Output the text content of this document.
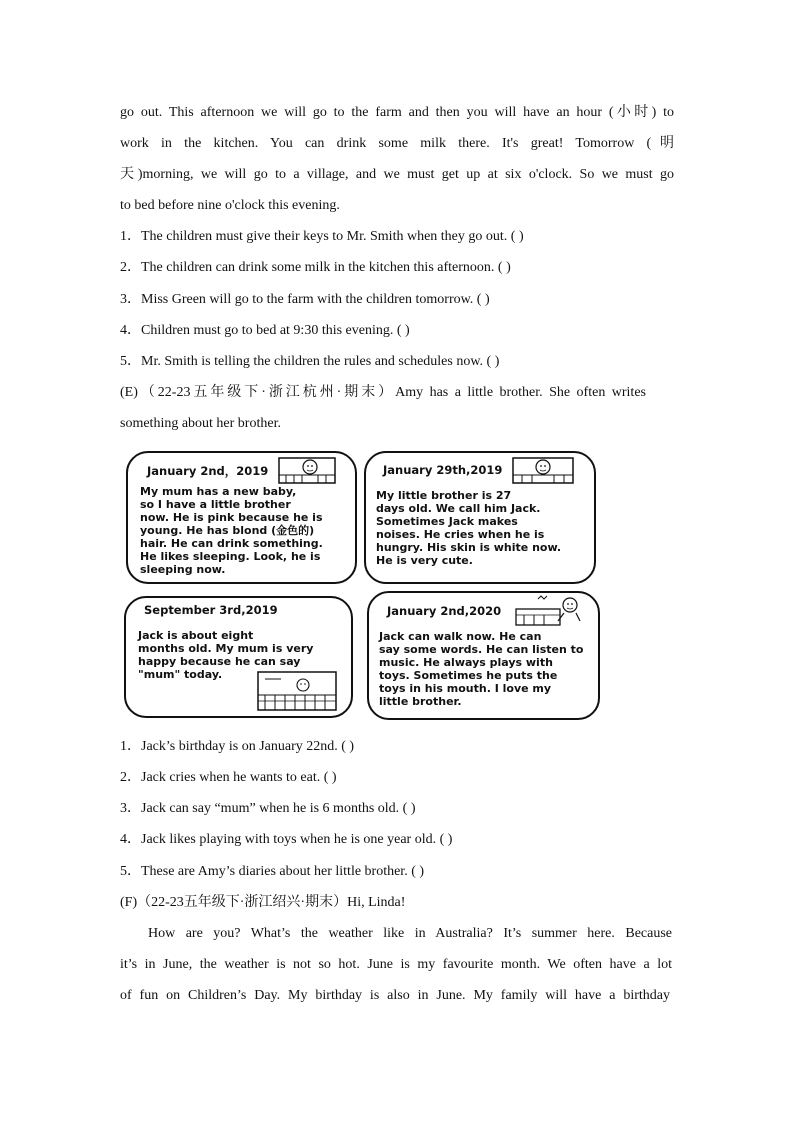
go out. This afternoon we will go to the farm and then you will have an hour (小时) to
work in the kitchen. You can drink some milk there. It's great! Tomorrow (明
天)morning, we will go to a village, and we must get up at six o'clock. So we must go
to bed before nine o'clock this evening.
1．The children must give their keys to Mr. Smith when they go out. ( )
2．The children can drink some milk in the kitchen this afternoon. ( )
3．Miss Green will go to the farm with the children tomorrow. ( )
4．Children must go to bed at 9:30 this evening. ( )
5．Mr. Smith is telling the children the rules and schedules now. ( )
(E)（22-23五年级下·浙江杭州·期末）Amy has a little brother. She often writes
something about her brother.
January 2nd，2019
My mum has a new baby,
so I have a little brother
now. He is pink because he is
young. He has blond (金色的)
hair. He can drink something.
He likes sleeping. Look, he is
sleeping now.
January 29th,2019
My little brother is 27
days old. We call him Jack.
Sometimes Jack makes
noises. He cries when he is
hungry. His skin is white now.
He is very cute.
September 3rd,2019
Jack is about eight
months old. My mum is very
happy because he can say
"mum" today.
January 2nd,2020
Jack can walk now. He can
say some words. He can listen to
music. He always plays with
toys. Sometimes he puts the
toys in his mouth. I love my
little brother.
1．Jack’s birthday is on January 22nd. ( )
2．Jack cries when he wants to eat. ( )
3．Jack can say “mum” when he is 6 months old. ( )
4．Jack likes playing with toys when he is one year old. ( )
5．These are Amy’s diaries about her little brother. ( )
(F)（22-23五年级下·浙江绍兴·期末）Hi, Linda!
How are you? What’s the weather like in Australia? It’s summer here. Because
it’s in June, the weather is not so hot. June is my favourite month. We often have a lot
of fun on Children’s Day. My birthday is also in June. My family will have a birthday
